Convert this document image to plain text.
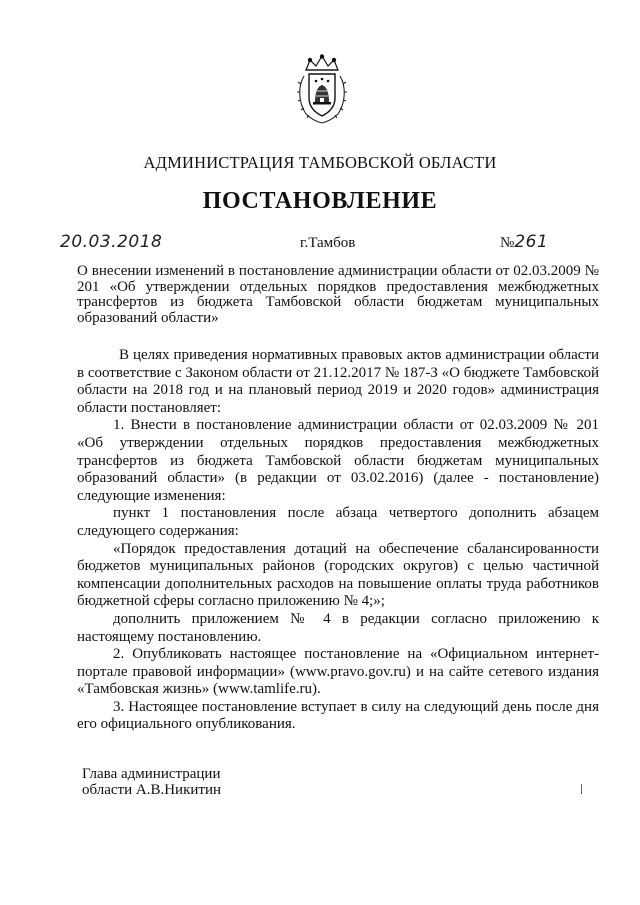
АДМИНИСТРАЦИЯ ТАМБОВСКОЙ ОБЛАСТИ
ПОСТАНОВЛЕНИЕ
20.03.2018	г.Тамбов	№261
О внесении изменений в постановление администрации области от 02.03.2009 № 201 «Об утверждении отдельных порядков предоставления межбюджетных трансфертов из бюджета Тамбовской области бюджетам муниципальных образований области»

В целях приведения нормативных правовых актов администрации области в соответствие с Законом области от 21.12.2017 № 187-З «О бюджете Тамбовской области на 2018 год и на плановый период 2019 и 2020 годов» администрация области постановляет:

1. Внести в постановление администрации области от 02.03.2009 № 201 «Об утверждении отдельных порядков предоставления межбюджетных трансфертов из бюджета Тамбовской области бюджетам муниципальных образований области» (в редакции от 03.02.2016) (далее - постановление) следующие изменения:

пункт 1 постановления после абзаца четвертого дополнить абзацем следующего содержания:

«Порядок предоставления дотаций на обеспечение сбалансированности бюджетов муниципальных районов (городских округов) с целью частичной компенсации дополнительных расходов на повышение оплаты труда работников бюджетной сферы согласно приложению № 4;»;

дополнить приложением № 4 в редакции согласно приложению к настоящему постановлению.

2. Опубликовать настоящее постановление на «Официальном интернет-портале правовой информации» (www.pravo.gov.ru) и на сайте сетевого издания «Тамбовская жизнь» (www.tamlife.ru).

3. Настоящее постановление вступает в силу на следующий день после дня его официального опубликования.

Глава администрации
области А.В.Никитин
